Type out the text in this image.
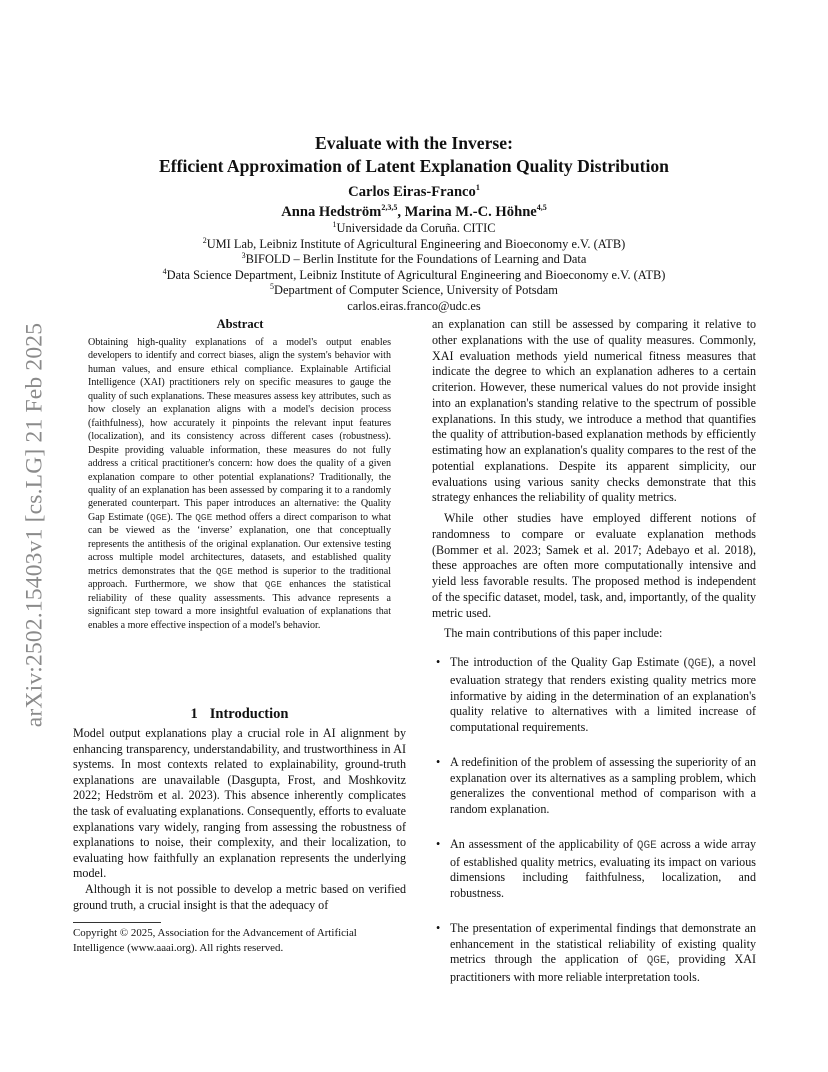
arXiv:2502.15403v1 [cs.LG] 21 Feb 2025
Evaluate with the Inverse:
Efficient Approximation of Latent Explanation Quality Distribution
Carlos Eiras-Franco$^1$
Anna Hedström$^{2,3,5}$, Marina M.-C. Höhne$^{4,5}$
$^1$Universidade da Coruña. CITIC
$^2$UMI Lab, Leibniz Institute of Agricultural Engineering and Bioeconomy e.V. (ATB)
$^3$BIFOLD – Berlin Institute for the Foundations of Learning and Data
$^4$Data Science Department, Leibniz Institute of Agricultural Engineering and Bioeconomy e.V. (ATB)
$^5$Department of Computer Science, University of Potsdam
carlos.eiras.franco@udc.es
Abstract
Obtaining high-quality explanations of a model's output enables developers to identify and correct biases, align the system's behavior with human values, and ensure ethical compliance. Explainable Artificial Intelligence (XAI) practitioners rely on specific measures to gauge the quality of such explanations. These measures assess key attributes, such as how closely an explanation aligns with a model's decision process (faithfulness), how accurately it pinpoints the relevant input features (localization), and its consistency across different cases (robustness). Despite providing valuable information, these measures do not fully address a critical practitioner's concern: how does the quality of a given explanation compare to other potential explanations? Traditionally, the quality of an explanation has been assessed by comparing it to a randomly generated counterpart. This paper introduces an alternative: the Quality Gap Estimate (QGE). The QGE method offers a direct comparison to what can be viewed as the ‘inverse’ explanation, one that conceptually represents the antithesis of the original explanation. Our extensive testing across multiple model architectures, datasets, and established quality metrics demonstrates that the QGE method is superior to the traditional approach. Furthermore, we show that QGE enhances the statistical reliability of these quality assessments. This advance represents a significant step toward a more insightful evaluation of explanations that enables a more effective inspection of a model's behavior.
1 Introduction

Model output explanations play a crucial role in AI alignment by enhancing transparency, understandability, and trustworthiness in AI systems. In most contexts related to explainability, ground-truth explanations are unavailable (Dasgupta, Frost, and Moshkovitz 2022; Hedström et al. 2023). This absence inherently complicates the task of evaluating explanations. Consequently, efforts to evaluate explanations vary widely, ranging from assessing the robustness of explanations to noise, their complexity, and their localization, to evaluating how faithfully an explanation represents the underlying model.

Although it is not possible to develop a metric based on verified ground truth, a crucial insight is that the adequacy of

Copyright © 2025, Association for the Advancement of Artificial Intelligence (www.aaai.org). All rights reserved.

an explanation can still be assessed by comparing it relative to other explanations with the use of quality measures. Commonly, XAI evaluation methods yield numerical fitness measures that indicate the degree to which an explanation adheres to a certain criterion. However, these numerical values do not provide insight into an explanation's standing relative to the spectrum of possible explanations. In this study, we introduce a method that quantifies the quality of attribution-based explanation methods by efficiently estimating how an explanation's quality compares to the rest of the potential explanations. Despite its apparent simplicity, our evaluations using various sanity checks demonstrate that this strategy enhances the reliability of quality metrics.

While other studies have employed different notions of randomness to compare or evaluate explanation methods (Bommer et al. 2023; Samek et al. 2017; Adebayo et al. 2018), these approaches are often more computationally intensive and yield less favorable results. The proposed method is independent of the specific dataset, model, task, and, importantly, of the quality metric used.

The main contributions of this paper include:

• The introduction of the Quality Gap Estimate (QGE), a novel evaluation strategy that renders existing quality metrics more informative by aiding in the determination of an explanation's quality relative to alternatives with a limited increase of computational requirements.
• A redefinition of the problem of assessing the superiority of an explanation over its alternatives as a sampling problem, which generalizes the conventional method of comparison with a random explanation.
• An assessment of the applicability of QGE across a wide array of established quality metrics, evaluating its impact on various dimensions including faithfulness, localization, and robustness.
• The presentation of experimental findings that demonstrate an enhancement in the statistical reliability of existing quality metrics through the application of QGE, providing XAI practitioners with more reliable interpretation tools.
